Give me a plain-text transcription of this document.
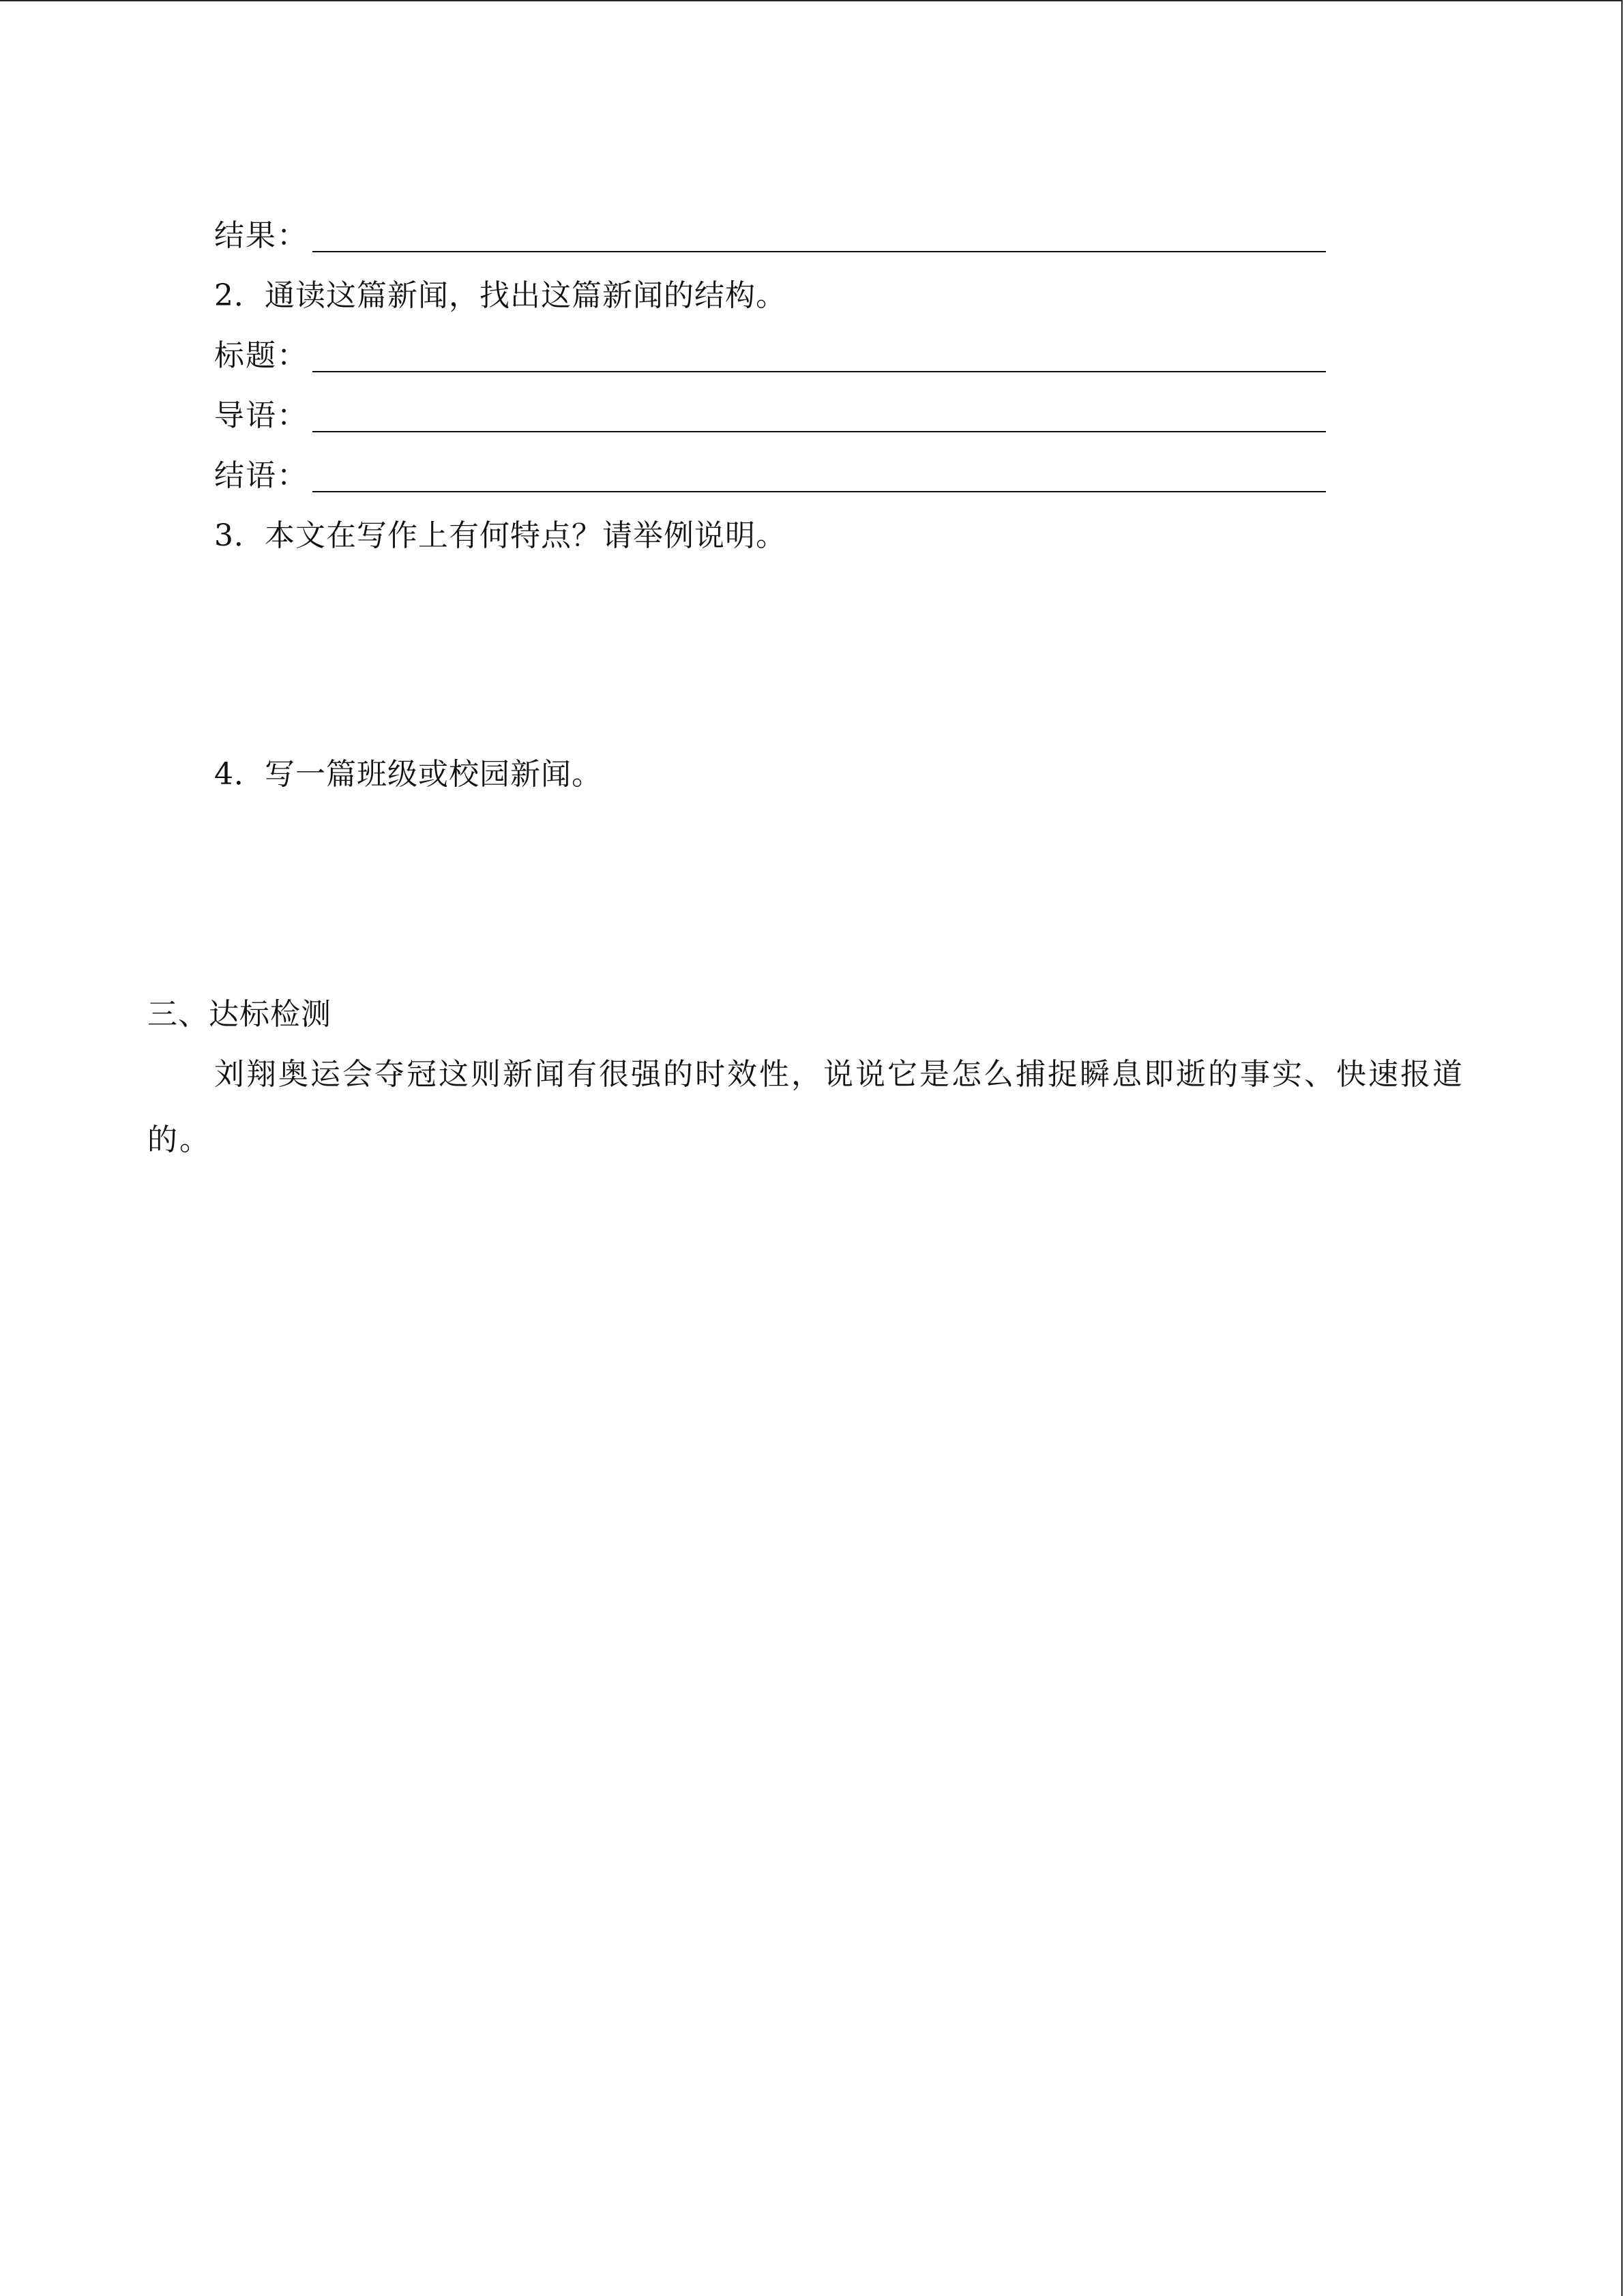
结果：
2．通读这篇新闻，找出这篇新闻的结构。
标题：
导语：
结语：
3．本文在写作上有何特点？请举例说明。
4．写一篇班级或校园新闻。
三、达标检测
刘翔奥运会夺冠这则新闻有很强的时效性，说说它是怎么捕捉瞬息即逝的事实、快速报道的。
